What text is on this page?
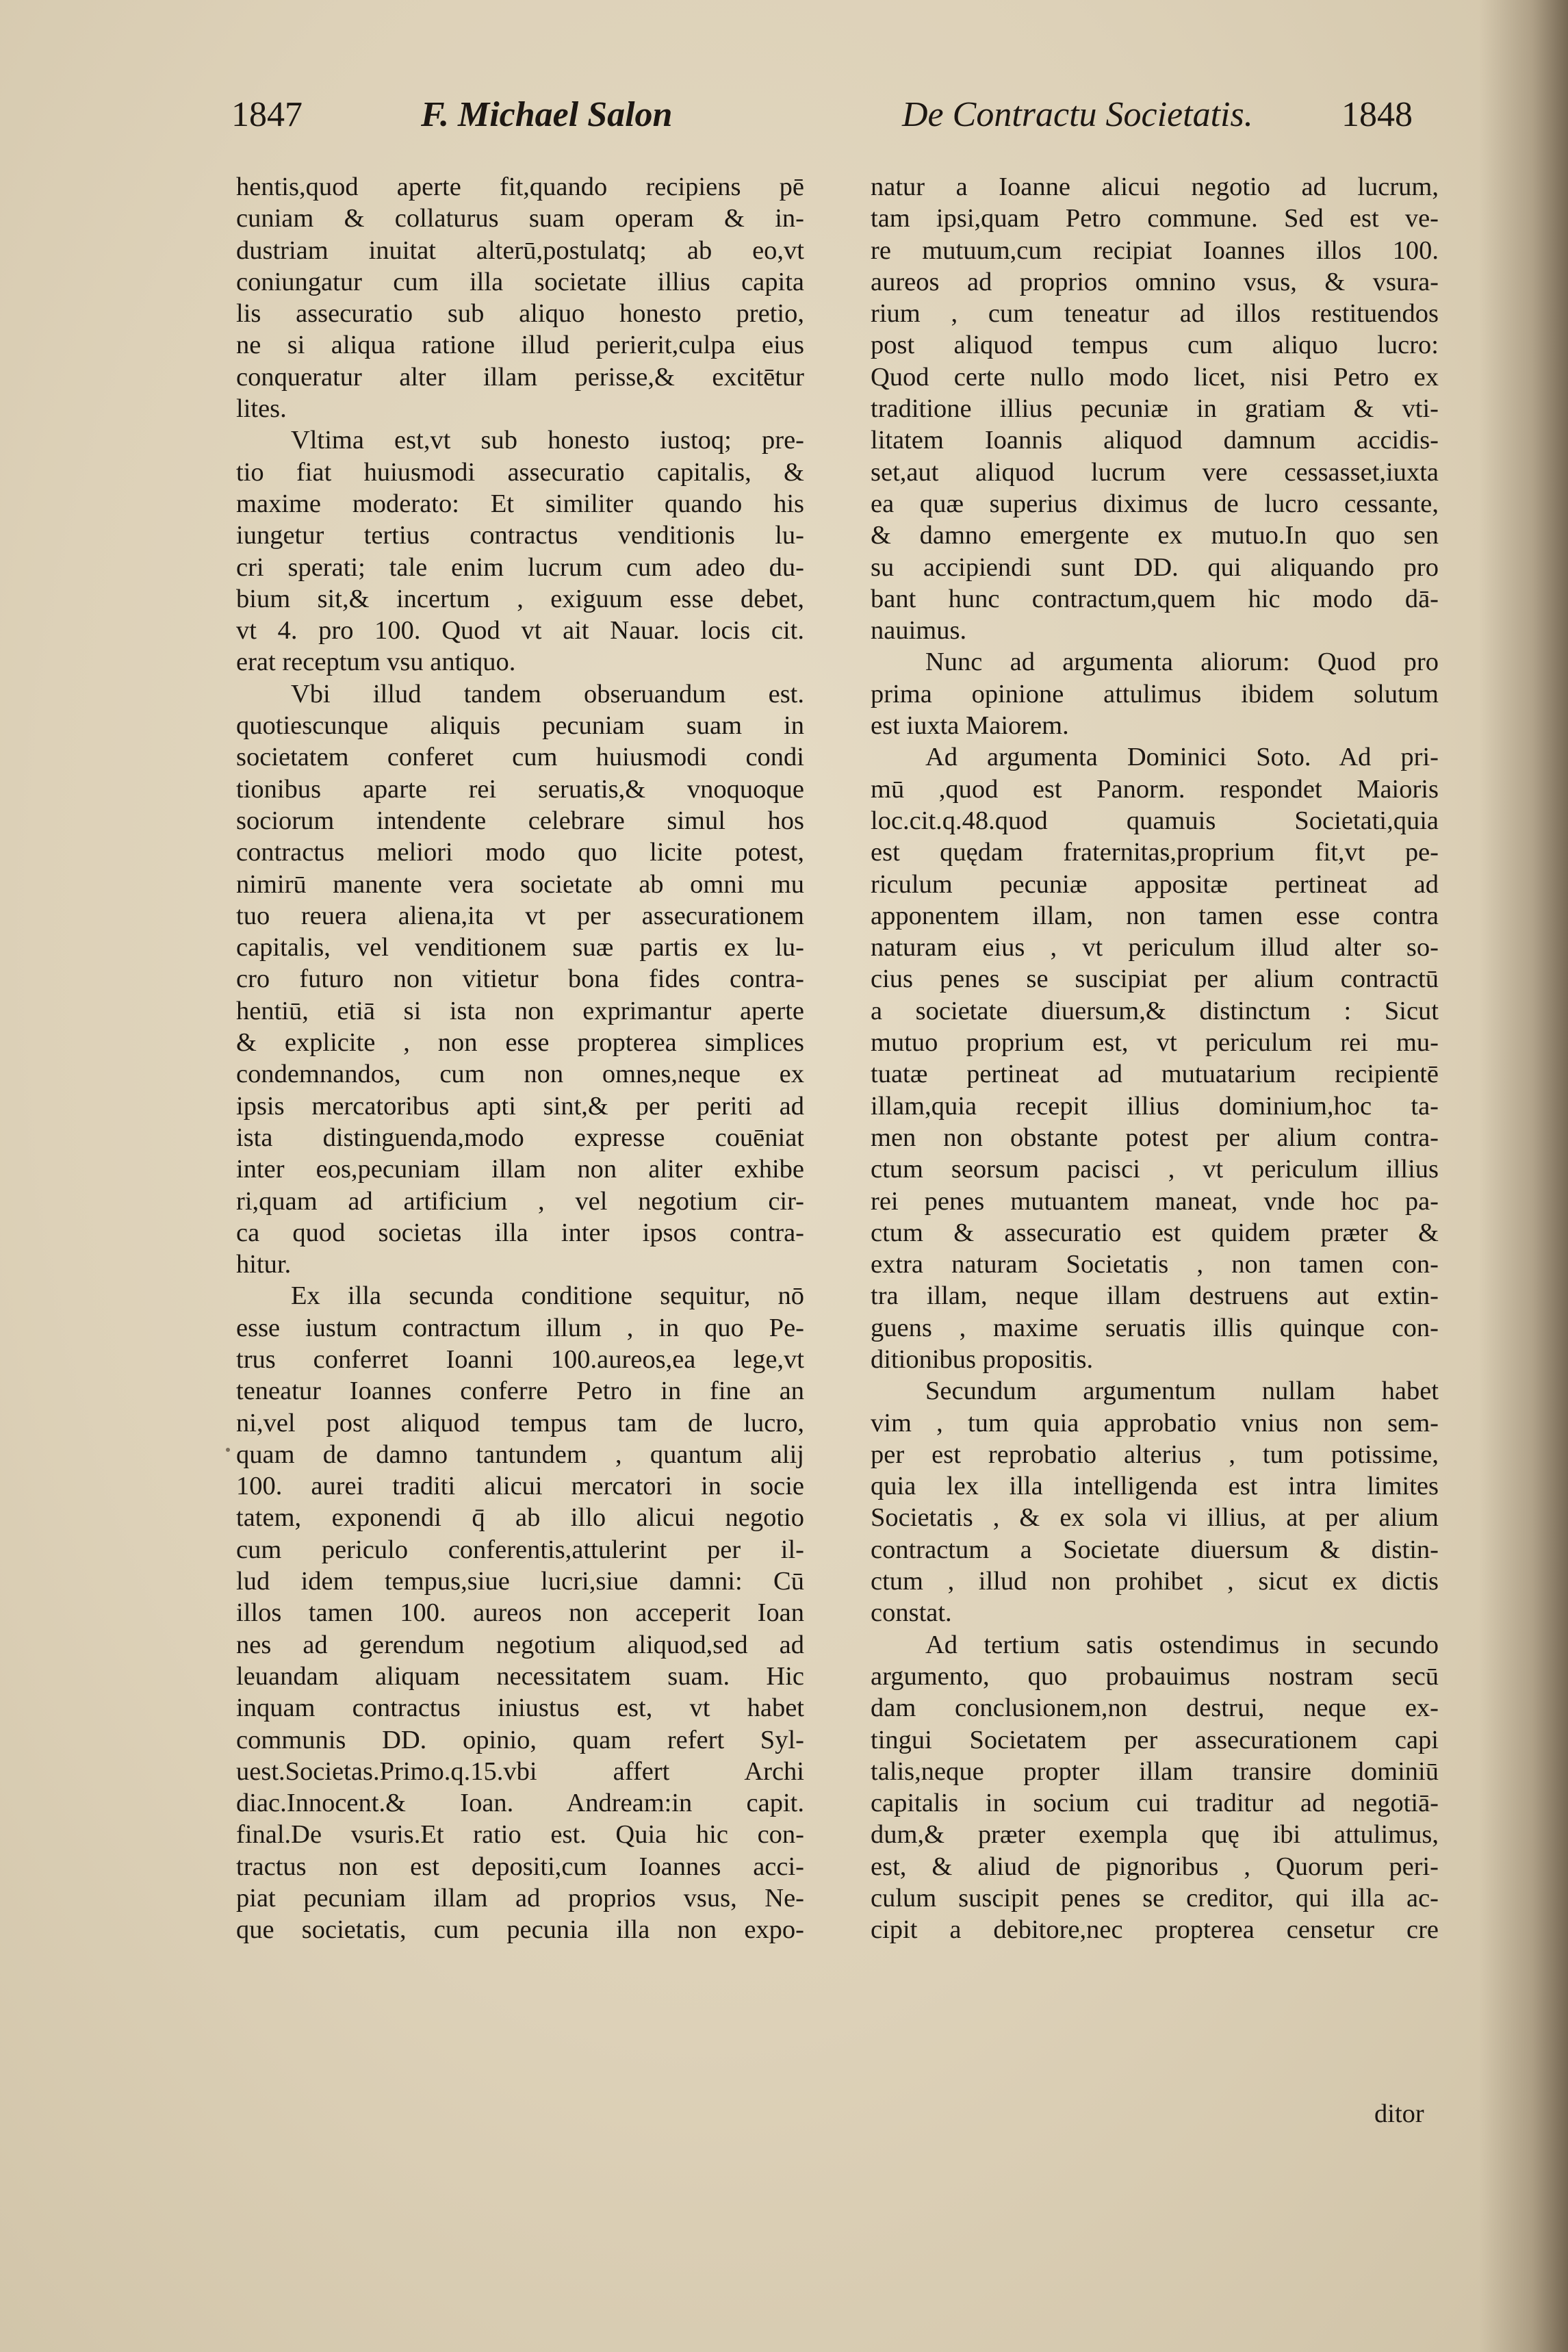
1847	F. Michael Salon	De Contractu Societatis. 1848
hentis,quod aperte fit,quando recipiens pē
cuniam & collaturus suam operam & in-
dustriam inuitat alterū,postulatq; ab eo,vt
coniungatur cum illa societate illius capita
lis assecuratio sub aliquo honesto pretio,
ne si aliqua ratione illud perierit,culpa eius
conqueratur alter illam perisse,& excitētur
lites.
Vltima est,vt sub honesto iustoq; pre-
tio fiat huiusmodi assecuratio capitalis, &
maxime moderato: Et similiter quando his
iungetur tertius contractus venditionis lu-
cri sperati; tale enim lucrum cum adeo du-
bium sit,& incertum , exiguum esse debet,
vt 4. pro 100. Quod vt ait Nauar. locis cit.
erat receptum vsu antiquo.
Vbi illud tandem obseruandum est.
quotiescunque aliquis pecuniam suam in
societatem conferet cum huiusmodi condi
tionibus aparte rei seruatis,& vnoquoque
sociorum intendente celebrare simul hos
contractus meliori modo quo licite potest,
nimirū manente vera societate ab omni mu
tuo reuera aliena,ita vt per assecurationem
capitalis, vel venditionem suæ partis ex lu-
cro futuro non vitietur bona fides contra-
hentiū, etiā si ista non exprimantur aperte
& explicite , non esse propterea simplices
condemnandos, cum non omnes,neque ex
ipsis mercatoribus apti sint,& per periti ad
ista distinguenda,modo expresse couēniat
inter eos,pecuniam illam non aliter exhibe
ri,quam ad artificium , vel negotium cir-
ca quod societas illa inter ipsos contra-
hitur.
Ex illa secunda conditione sequitur, nō
esse iustum contractum illum , in quo Pe-
trus conferret Ioanni 100.aureos,ea lege,vt
teneatur Ioannes conferre Petro in fine an
ni,vel post aliquod tempus tam de lucro,
quam de damno tantundem , quantum alij
100. aurei traditi alicui mercatori in socie
tatem, exponendi q̄ ab illo alicui negotio
cum periculo conferentis,attulerint per il-
lud idem tempus,siue lucri,siue damni: Cū
illos tamen 100. aureos non acceperit Ioan
nes ad gerendum negotium aliquod,sed ad
leuandam aliquam necessitatem suam. Hic
inquam contractus iniustus est, vt habet
communis DD. opinio, quam refert Syl-
uest.Societas.Primo.q.15.vbi affert Archi
diac.Innocent.& Ioan. Andream:in capit.
final.De vsuris.Et ratio est. Quia hic con-
tractus non est depositi,cum Ioannes acci-
piat pecuniam illam ad proprios vsus, Ne-
que societatis, cum pecunia illa non expo-
natur a Ioanne alicui negotio ad lucrum,
tam ipsi,quam Petro commune. Sed est ve-
re mutuum,cum recipiat Ioannes illos 100.
aureos ad proprios omnino vsus, & vsura-
rium , cum teneatur ad illos restituendos
post aliquod tempus cum aliquo lucro:
Quod certe nullo modo licet, nisi Petro ex
traditione illius pecuniæ in gratiam & vti-
litatem Ioannis aliquod damnum accidis-
set,aut aliquod lucrum vere cessasset,iuxta
ea quæ superius diximus de lucro cessante,
& damno emergente ex mutuo.In quo sen
su accipiendi sunt DD. qui aliquando pro
bant hunc contractum,quem hic modo dā-
nauimus.
Nunc ad argumenta aliorum: Quod pro
prima opinione attulimus ibidem solutum
est iuxta Maiorem.
Ad argumenta Dominici Soto. Ad pri-
mū ,quod est Panorm. respondet Maioris
loc.cit.q.48.quod quamuis Societati,quia
est quędam fraternitas,proprium fit,vt pe-
riculum pecuniæ appositæ pertineat ad
apponentem illam, non tamen esse contra
naturam eius , vt periculum illud alter so-
cius penes se suscipiat per alium contractū
a societate diuersum,& distinctum : Sicut
mutuo proprium est, vt periculum rei mu-
tuatæ pertineat ad mutuatarium recipientē
illam,quia recepit illius dominium,hoc ta-
men non obstante potest per alium contra-
ctum seorsum pacisci , vt periculum illius
rei penes mutuantem maneat, vnde hoc pa-
ctum & assecuratio est quidem præter &
extra naturam Societatis , non tamen con-
tra illam, neque illam destruens aut extin-
guens , maxime seruatis illis quinque con-
ditionibus propositis.
Secundum argumentum nullam habet
vim , tum quia approbatio vnius non sem-
per est reprobatio alterius , tum potissime,
quia lex illa intelligenda est intra limites
Societatis , & ex sola vi illius, at per alium
contractum a Societate diuersum & distin-
ctum , illud non prohibet , sicut ex dictis
constat.
Ad tertium satis ostendimus in secundo
argumento, quo probauimus nostram secū
dam conclusionem,non destrui, neque ex-
tingui Societatem per assecurationem capi
talis,neque propter illam transire dominiū
capitalis in socium cui traditur ad negotiā-
dum,& præter exempla quę ibi attulimus,
est, & aliud de pignoribus , Quorum peri-
culum suscipit penes se creditor, qui illa ac-
cipit a debitore,nec propterea censetur cre
ditor
